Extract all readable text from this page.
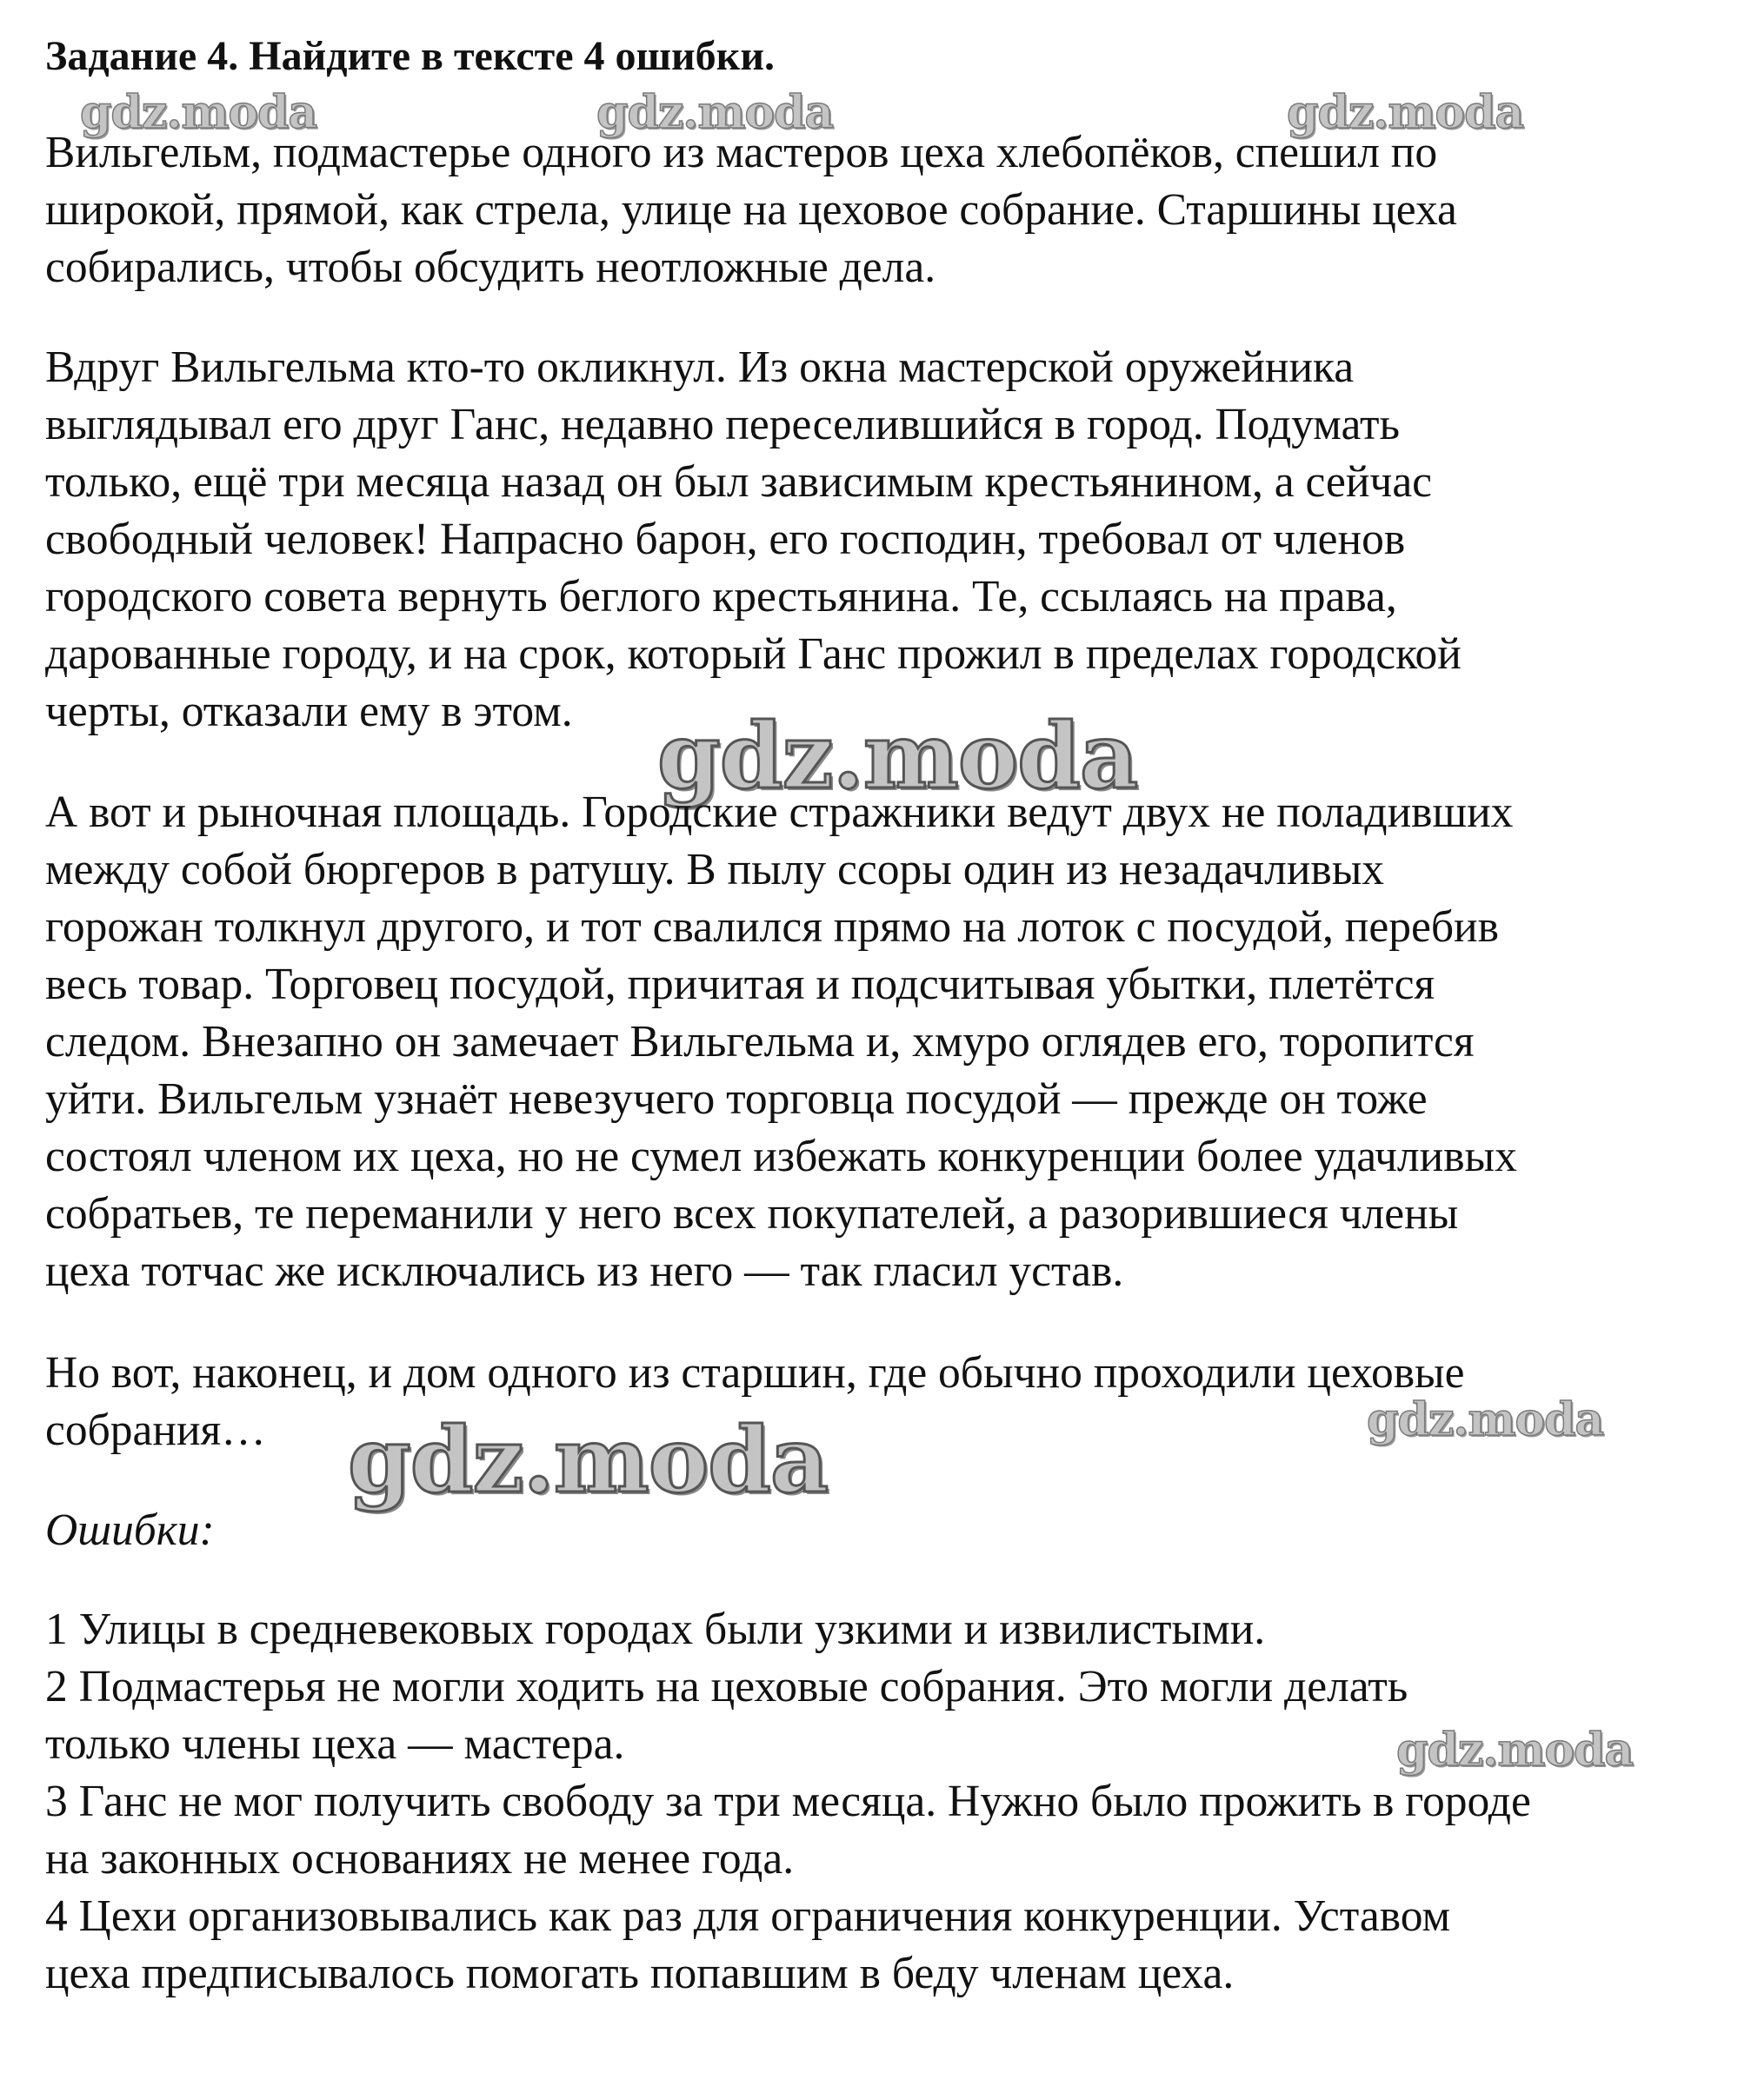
Задание 4. Найдите в тексте 4 ошибки.
gdz.moda	gdz.moda	gdz.moda
gdz.moda
gdz.moda
Вильгельм, подмастерье одного из мастеров цеха хлебопёков, спешил по
широкой, прямой, как стрела, улице на цеховое собрание. Старшины цеха
собирались, чтобы обсудить неотложные дела.
Вдруг Вильгельма кто-то окликнул. Из окна мастерской оружейника
выглядывал его друг Ганс, недавно переселившийся в город. Подумать
только, ещё три месяца назад он был зависимым крестьянином, а сейчас
свободный человек! Напрасно барон, его господин, требовал от членов
городского совета вернуть беглого крестьянина. Те, ссылаясь на права,
дарованные городу, и на срок, который Ганс прожил в пределах городской
черты, отказали ему в этом. gdz.moda
А вот и рыночная площадь. Городские стражники ведут двух не поладивших
между собой бюргеров в ратушу. В пылу ссоры один из незадачливых
горожан толкнул другого, и тот свалился прямо на лоток с посудой, перебив
весь товар. Торговец посудой, причитая и подсчитывая убытки, плетётся
следом. Внезапно он замечает Вильгельма и, хмуро оглядев его, торопится
уйти. Вильгельм узнаёт невезучего торговца посудой — прежде он тоже
состоял членом их цеха, но не сумел избежать конкуренции более удачливых
собратьев, те переманили у него всех покупателей, а разорившиеся члены
цеха тотчас же исключались из него — так гласил устав.
Но вот, наконец, и дом одного из старшин, где обычно проходили цеховые
собрания… gdz.moda
Ошибки:
1 Улицы в средневековых городах были узкими и извилистыми.
2 Подмастерья не могли ходить на цеховые собрания. Это могли делать
только члены цеха — мастера.
3 Ганс не мог получить свободу за три месяца. Нужно было прожить в городе
на законных основаниях не менее года.
4 Цехи организовывались как раз для ограничения конкуренции. Уставом
цеха предписывалось помогать попавшим в беду членам цеха.
